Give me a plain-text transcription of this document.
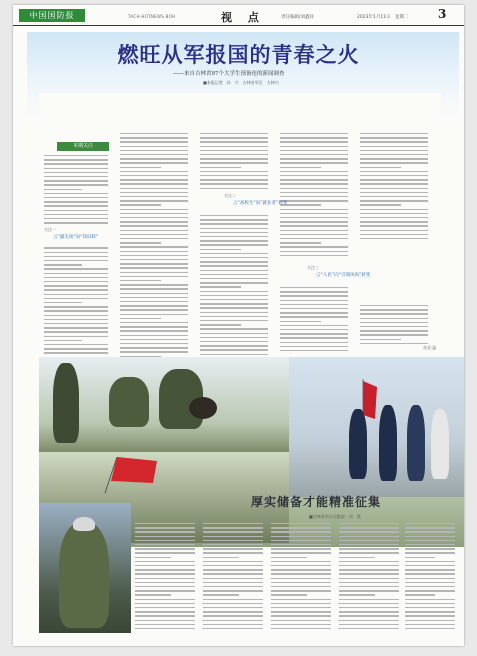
中国国防报	TACH·HOTNEWS·BOH	视 点	责任编辑/刘鑫祥	2023年1月11日　星期二 3
燃旺从军报国的青春之火
——来自吉林省97个大学生预备连的新闻调查
■本报记者　孙　兴　吉林省军区　方林兴
本期关注
关注一
云“露尖顶”向“知识转“
关注二
云“高校生”向“就业者”转变
关注三
云“人民”向“引领风尚”转变
东北·温
厚实储备才能精准征集
■吉林省军区后勤部　刘　凯
